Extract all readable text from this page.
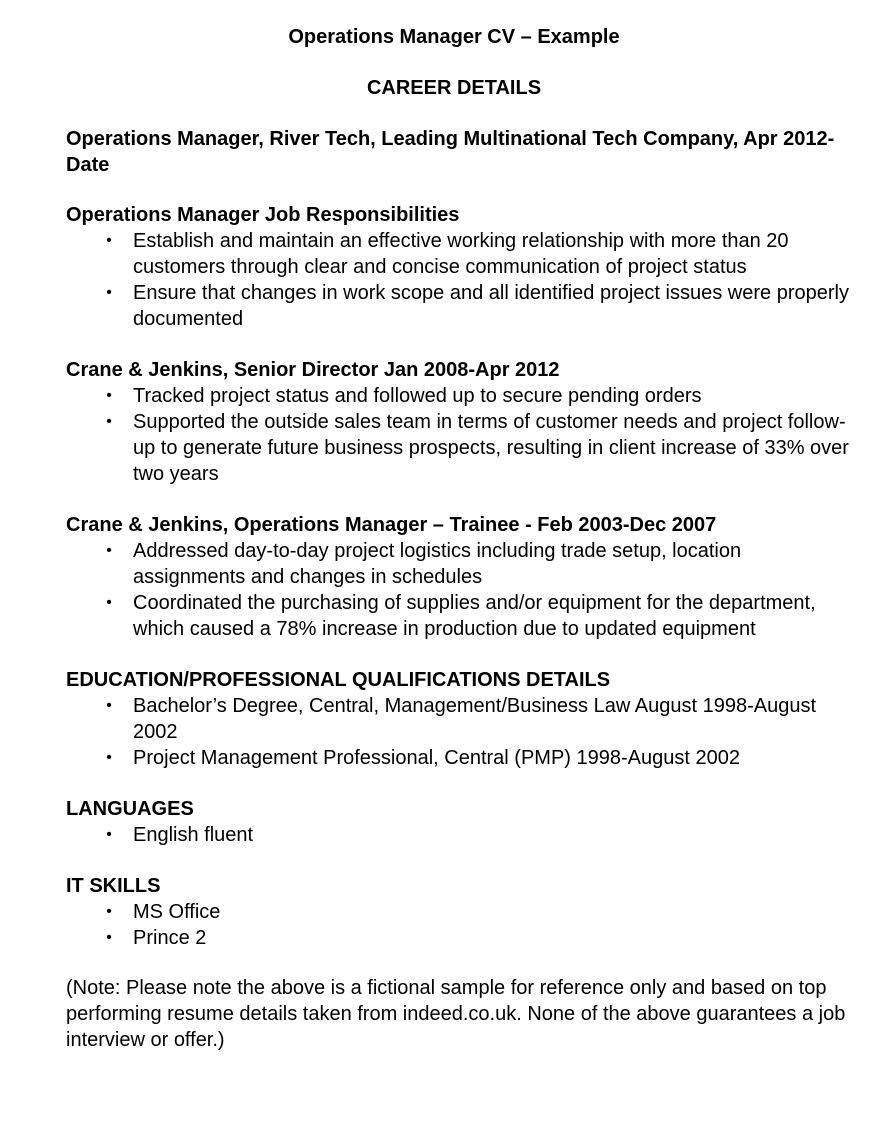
Operations Manager CV – Example
CAREER DETAILS

Operations Manager, River Tech, Leading Multinational Tech Company, Apr 2012-Date

Operations Manager Job Responsibilities

• Establish and maintain an effective working relationship with more than 20 customers through clear and concise communication of project status
• Ensure that changes in work scope and all identified project issues were properly documented

Crane & Jenkins, Senior Director Jan 2008-Apr 2012

• Tracked project status and followed up to secure pending orders
• Supported the outside sales team in terms of customer needs and project follow-up to generate future business prospects, resulting in client increase of 33% over two years

Crane & Jenkins, Operations Manager – Trainee - Feb 2003-Dec 2007

• Addressed day-to-day project logistics including trade setup, location assignments and changes in schedules
• Coordinated the purchasing of supplies and/or equipment for the department, which caused a 78% increase in production due to updated equipment

EDUCATION/PROFESSIONAL QUALIFICATIONS DETAILS

• Bachelor’s Degree, Central, Management/Business Law August 1998-August 2002
• Project Management Professional, Central (PMP) 1998-August 2002

LANGUAGES

• English fluent

IT SKILLS

• MS Office
• Prince 2

(Note: Please note the above is a fictional sample for reference only and based on top performing resume details taken from indeed.co.uk. None of the above guarantees a job interview or offer.)
